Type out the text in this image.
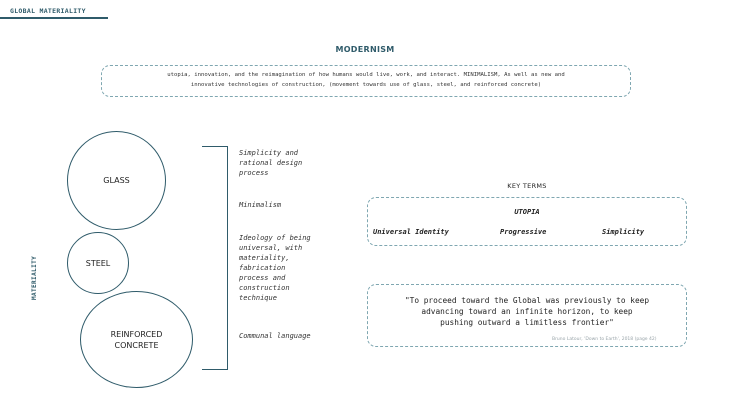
GLOBAL MATERIALITY
MODERNISM
utopia, innovation, and the reimagination of how humans would live, work, and interact. MINIMALISM, As well as new and
innovative technologies of construction, (movement towards use of glass, steel, and reinforced concrete)
MATERIALITY
GLASS
STEEL
REINFORCED
CONCRETE
Simplicity and
rational design
process
Minimalism
Ideology of being
universal, with
materiality,
fabrication
process and
construction
technique
Communal language
KEY TERMS
UTOPIA
Universal Identity	Progressive	Simplicity
"To proceed toward the Global was previously to keep
advancing toward an infinite horizon, to keep
pushing outward a limitless frontier"
Bruno Latour, 'Down to Earth', 2018 (page 42)
